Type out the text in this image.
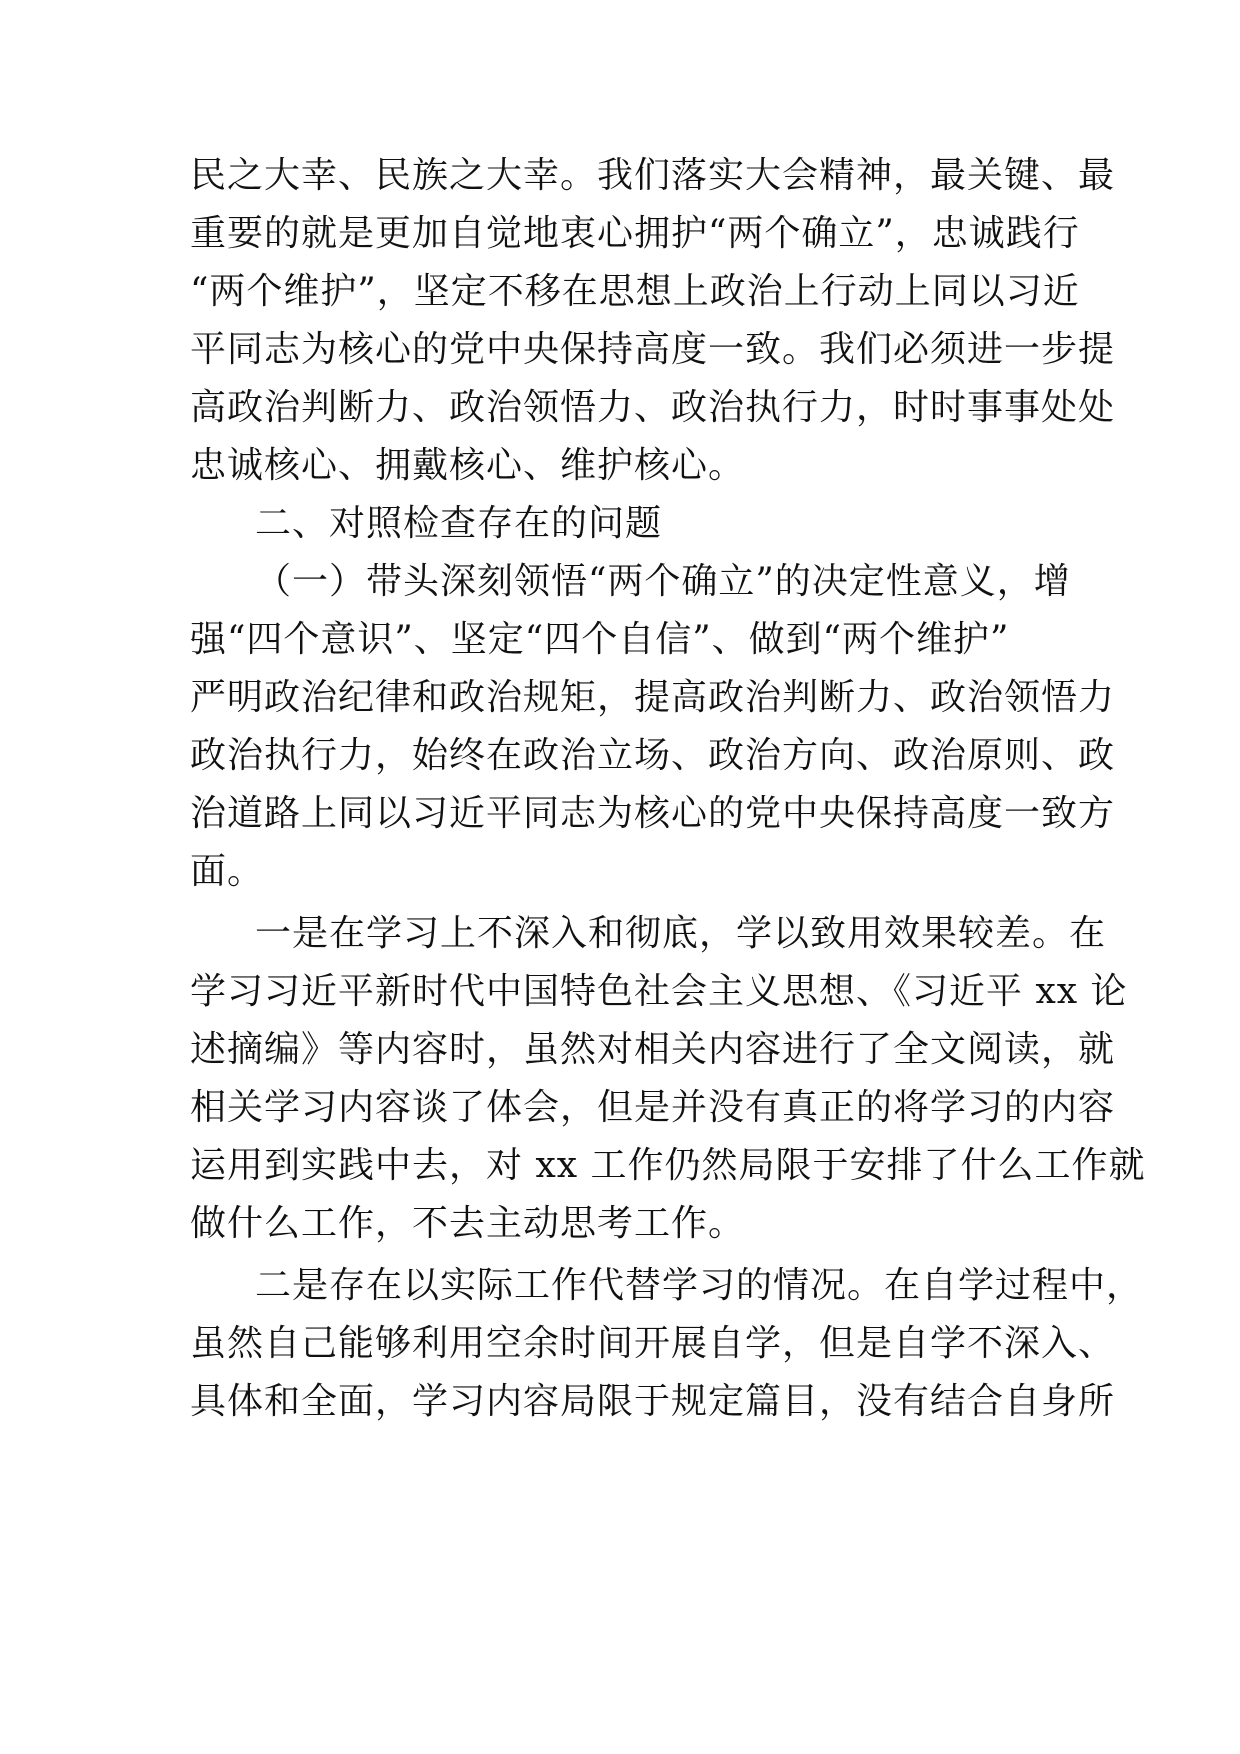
民之大幸、民族之大幸。我们落实大会精神，最关键、最
重要的就是更加自觉地衷心拥护“两个确立”，忠诚践行
“两个维护”，坚定不移在思想上政治上行动上同以习近
平同志为核心的党中央保持高度一致。我们必须进一步提
高政治判断力、政治领悟力、政治执行力，时时事事处处
忠诚核心、拥戴核心、维护核心。
二、对照检查存在的问题
（一）带头深刻领悟“两个确立”的决定性意义，增
强“四个意识”、坚定“四个自信”、做到“两个维护”
严明政治纪律和政治规矩，提高政治判断力、政治领悟力
政治执行力，始终在政治立场、政治方向、政治原则、政
治道路上同以习近平同志为核心的党中央保持高度一致方
面。
一是在学习上不深入和彻底，学以致用效果较差。在
学习习近平新时代中国特色社会主义思想、《习近平 xx 论
述摘编》等内容时，虽然对相关内容进行了全文阅读，就
相关学习内容谈了体会，但是并没有真正的将学习的内容
运用到实践中去，对 xx 工作仍然局限于安排了什么工作就
做什么工作，不去主动思考工作。
二是存在以实际工作代替学习的情况。在自学过程中，
虽然自己能够利用空余时间开展自学，但是自学不深入、
具体和全面，学习内容局限于规定篇目，没有结合自身所
